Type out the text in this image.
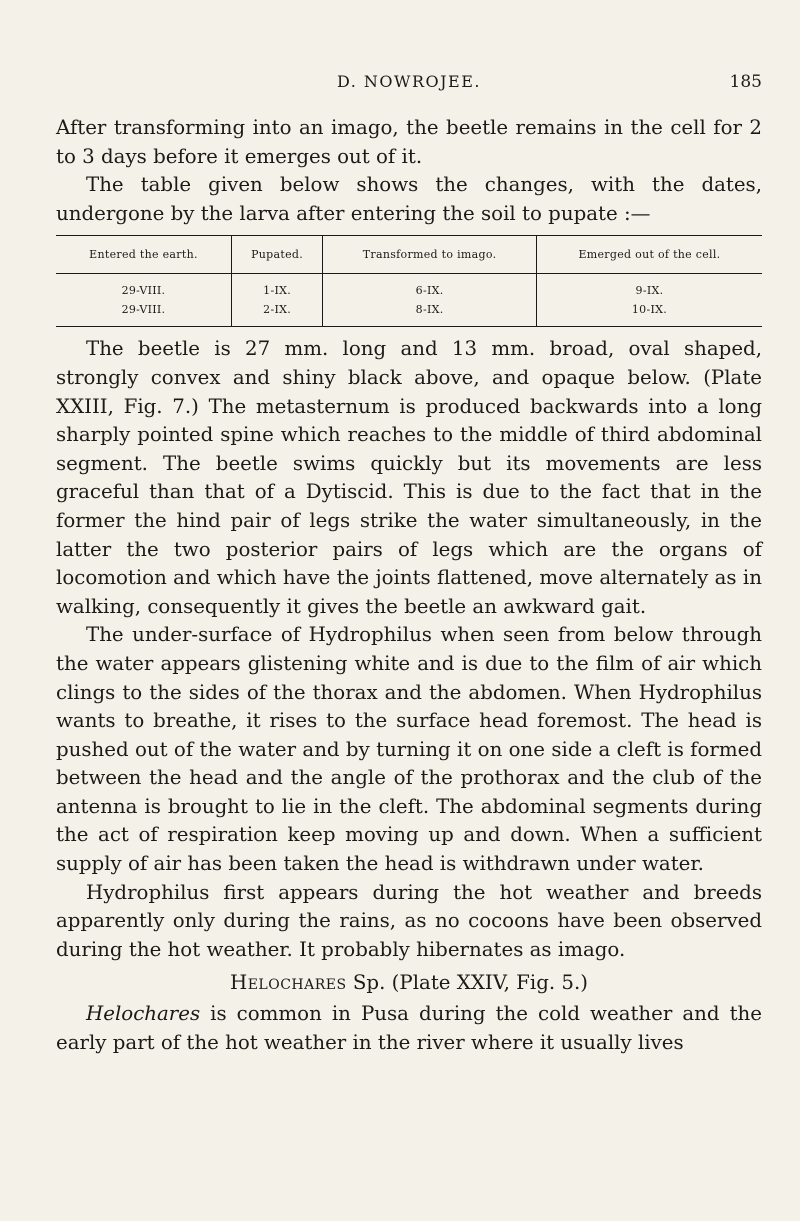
D. NOWROJEE.	185

After transforming into an imago, the beetle remains in the cell for 2 to 3 days before it emerges out of it.

The table given below shows the changes, with the dates, undergone by the larva after entering the soil to pupate :—

Entered the earth.	Pupated.	Transformed to imago.	Emerged out of the cell.
29-VIII.	1-IX.	6-IX.	9-IX.
29-VIII.	2-IX.	8-IX.	10-IX.

The beetle is 27 mm. long and 13 mm. broad, oval shaped, strongly convex and shiny black above, and opaque below. (Plate XXIII, Fig. 7.) The metasternum is produced backwards into a long sharply pointed spine which reaches to the middle of third abdominal segment. The beetle swims quickly but its movements are less graceful than that of a Dytiscid. This is due to the fact that in the former the hind pair of legs strike the water simultaneously, in the latter the two posterior pairs of legs which are the organs of locomotion and which have the joints flattened, move alternately as in walking, consequently it gives the beetle an awkward gait.

The under-surface of Hydrophilus when seen from below through the water appears glistening white and is due to the film of air which clings to the sides of the thorax and the abdomen. When Hydrophilus wants to breathe, it rises to the surface head foremost. The head is pushed out of the water and by turning it on one side a cleft is formed between the head and the angle of the prothorax and the club of the antenna is brought to lie in the cleft. The abdominal segments during the act of respiration keep moving up and down. When a sufficient supply of air has been taken the head is withdrawn under water.

Hydrophilus first appears during the hot weather and breeds apparently only during the rains, as no cocoons have been observed during the hot weather. It probably hibernates as imago.

Helochares Sp. (Plate XXIV, Fig. 5.)

Helochares is common in Pusa during the cold weather and the early part of the hot weather in the river where it usually lives
